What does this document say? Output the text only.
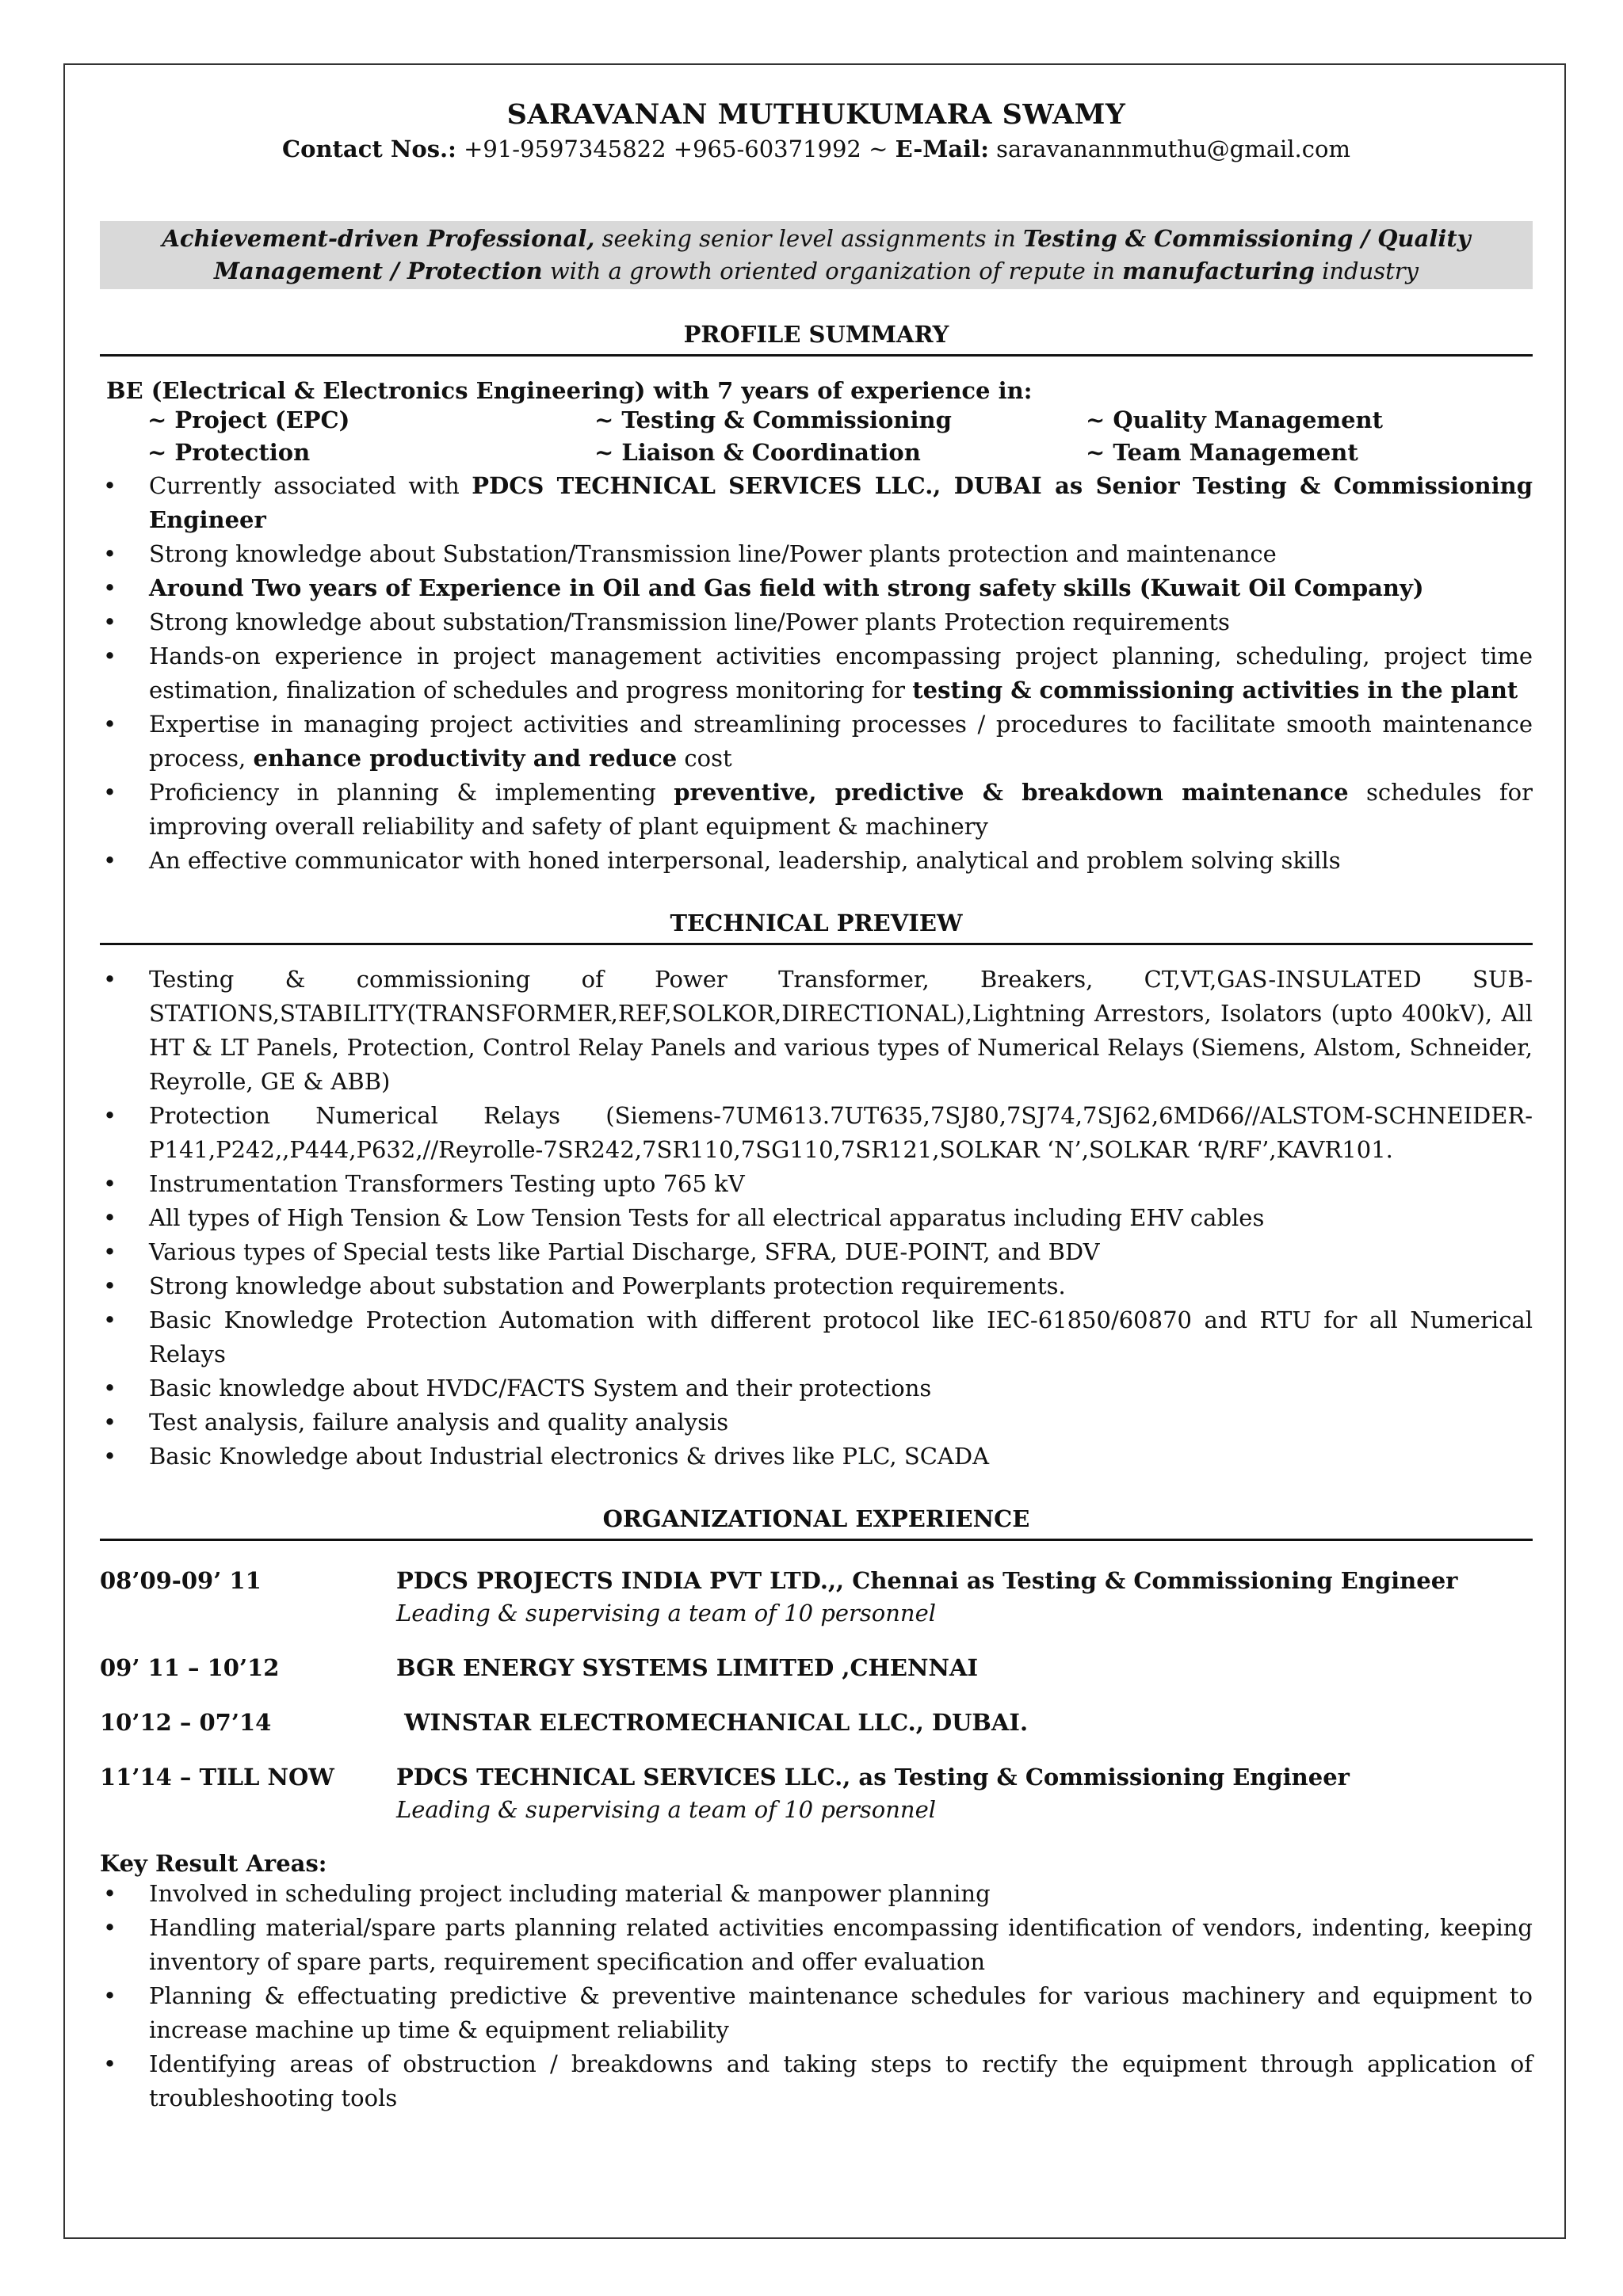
SARAVANAN MUTHUKUMARA SWAMY
Contact Nos.: +91-9597345822 +965-60371992 ~ E-Mail: saravanannmuthu@gmail.com
Achievement-driven Professional, seeking senior level assignments in Testing & Commissioning / Quality Management / Protection with a growth oriented organization of repute in manufacturing industry
PROFILE SUMMARY
BE (Electrical & Electronics Engineering) with 7 years of experience in:
~ Project (EPC)	~ Testing & Commissioning	~ Quality Management
~ Protection	~ Liaison & Coordination	~ Team Management
• Currently associated with PDCS TECHNICAL SERVICES LLC., DUBAI as Senior Testing & Commissioning Engineer
• Strong knowledge about Substation/Transmission line/Power plants protection and maintenance
• Around Two years of Experience in Oil and Gas field with strong safety skills (Kuwait Oil Company)
• Strong knowledge about substation/Transmission line/Power plants Protection requirements
• Hands-on experience in project management activities encompassing project planning, scheduling, project time estimation, finalization of schedules and progress monitoring for testing & commissioning activities in the plant
• Expertise in managing project activities and streamlining processes / procedures to facilitate smooth maintenance process, enhance productivity and reduce cost
• Proficiency in planning & implementing preventive, predictive & breakdown maintenance schedules for improving overall reliability and safety of plant equipment & machinery
• An effective communicator with honed interpersonal, leadership, analytical and problem solving skills
TECHNICAL PREVIEW
• Testing & commissioning of Power Transformer, Breakers, CT,VT,GAS-INSULATED SUB-STATIONS,STABILITY(TRANSFORMER,REF,SOLKOR,DIRECTIONAL),Lightning Arrestors, Isolators (upto 400kV), All HT & LT Panels, Protection, Control Relay Panels and various types of Numerical Relays (Siemens, Alstom, Schneider, Reyrolle, GE & ABB)
• Protection Numerical Relays (Siemens-7UM613.7UT635,7SJ80,7SJ74,7SJ62,6MD66//ALSTOM-SCHNEIDER-P141,P242,,P444,P632,//Reyrolle-7SR242,7SR110,7SG110,7SR121,SOLKAR ‘N’,SOLKAR ‘R/RF’,KAVR101.
• Instrumentation Transformers Testing upto 765 kV
• All types of High Tension & Low Tension Tests for all electrical apparatus including EHV cables
• Various types of Special tests like Partial Discharge, SFRA, DUE-POINT, and BDV
• Strong knowledge about substation and Powerplants protection requirements.
• Basic Knowledge Protection Automation with different protocol like IEC-61850/60870 and RTU for all Numerical Relays
• Basic knowledge about HVDC/FACTS System and their protections
• Test analysis, failure analysis and quality analysis
• Basic Knowledge about Industrial electronics & drives like PLC, SCADA
ORGANIZATIONAL EXPERIENCE
08’09-09’ 11	PDCS PROJECTS INDIA PVT LTD.,, Chennai as Testing & Commissioning Engineer
Leading & supervising a team of 10 personnel
09’ 11 – 10’12	BGR ENERGY SYSTEMS LIMITED ,CHENNAI
10’12 – 07’14	WINSTAR ELECTROMECHANICAL LLC., DUBAI.
11’14 – TILL NOW	PDCS TECHNICAL SERVICES LLC., as Testing & Commissioning Engineer
Leading & supervising a team of 10 personnel
Key Result Areas:
• Involved in scheduling project including material & manpower planning
• Handling material/spare parts planning related activities encompassing identification of vendors, indenting, keeping inventory of spare parts, requirement specification and offer evaluation
• Planning & effectuating predictive & preventive maintenance schedules for various machinery and equipment to increase machine up time & equipment reliability
• Identifying areas of obstruction / breakdowns and taking steps to rectify the equipment through application of troubleshooting tools
